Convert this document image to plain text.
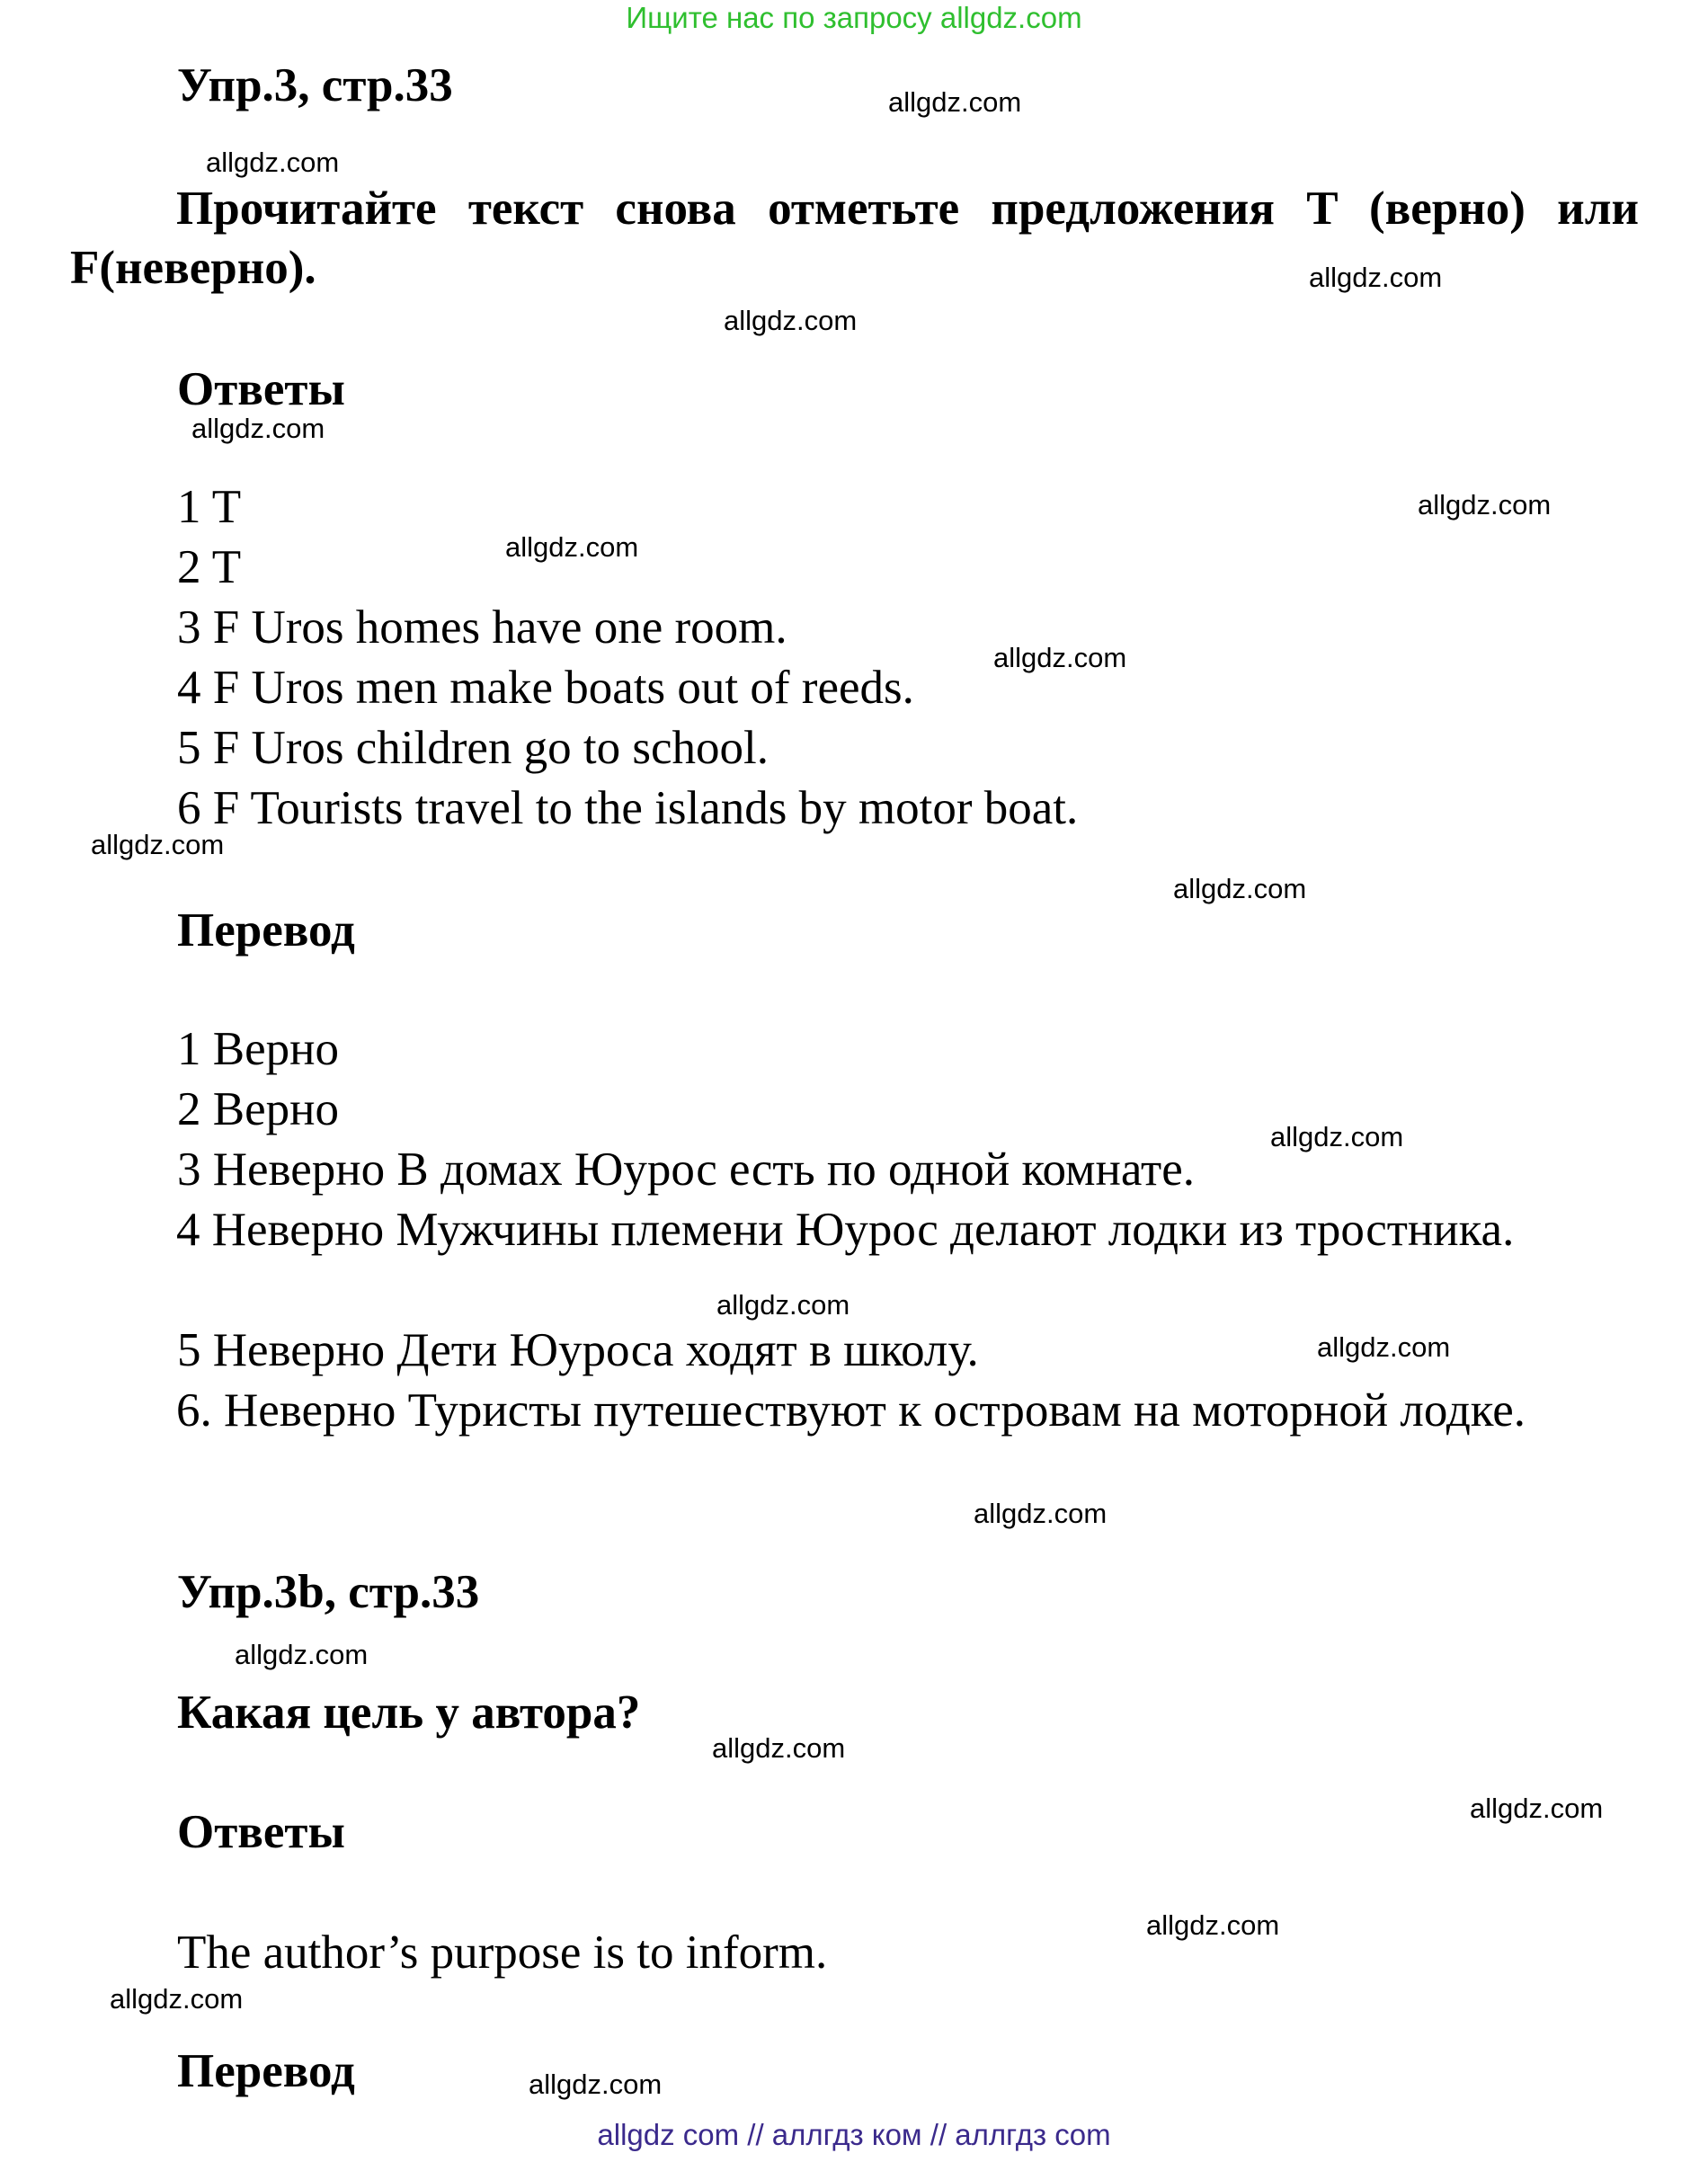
Ищите нас по запросу allgdz.com
Упр.3, стр.33
Прочитайте текст снова отметьте предложения T (верно) или F(неверно).
Ответы
1 T
2 T
3 F Uros homes have one room.
4 F Uros men make boats out of reeds.
5 F Uros children go to school.
6 F Tourists travel to the islands by motor boat.
Перевод
1 Верно
2 Верно
3 Неверно В домах Юурос есть по одной комнате.
4 Неверно Мужчины племени Юурос делают лодки из тростника.
5 Неверно Дети Юуроса ходят в школу.
6. Неверно Туристы путешествуют к островам на моторной лодке.
Упр.3b, стр.33
Какая цель у автора?
Ответы
The author’s purpose is to inform.
Перевод
allgdz.com
allgdz.com
allgdz.com
allgdz.com
allgdz.com
allgdz.com
allgdz.com
allgdz.com
allgdz.com
allgdz.com
allgdz.com
allgdz.com
allgdz.com
allgdz.com
allgdz.com
allgdz.com
allgdz.com
allgdz.com
allgdz.com
allgdz.com
allgdz com // аллгдз ком // аллгдз com
